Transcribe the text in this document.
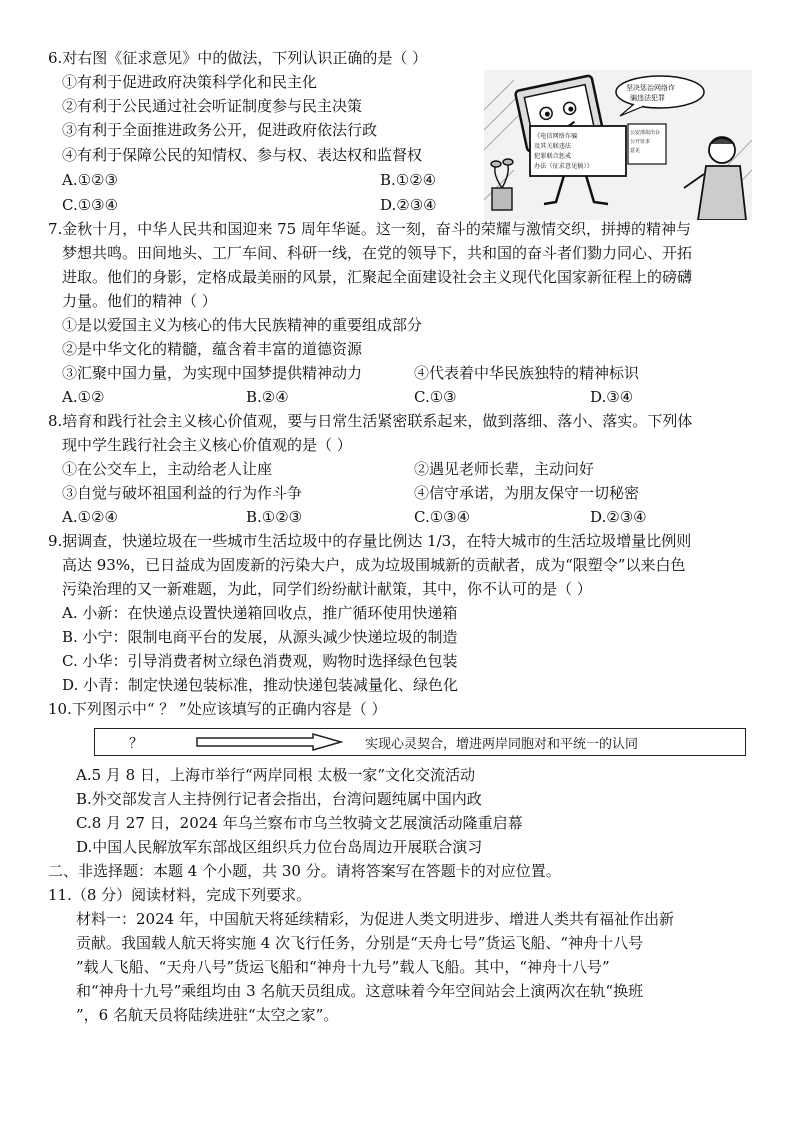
6.对右图《征求意见》中的做法，下列认识正确的是（ ）
①有利于促进政府决策科学化和民主化
②有利于公民通过社会听证制度参与民主决策
③有利于全面推进政务公开，促进政府依法行政
④有利于保障公民的知情权、参与权、表达权和监督权
A.①②③	B.①②④
C.①③④	D.②③④
《电信网络诈骗
及其关联违法
犯罪联合惩戒
办法（征求意见稿）》
公安部拟出台
公开征求
意见
坚决惩治网络诈
骗违法犯罪
7.金秋十月，中华人民共和国迎来 75 周年华诞。这一刻，奋斗的荣耀与激情交织，拼搏的精神与
梦想共鸣。田间地头、工厂车间、科研一线，在党的领导下，共和国的奋斗者们勠力同心、开拓
进取。他们的身影，定格成最美丽的风景，汇聚起全面建设社会主义现代化国家新征程上的磅礴
力量。他们的精神（ ）
①是以爱国主义为核心的伟大民族精神的重要组成部分
②是中华文化的精髓，蕴含着丰富的道德资源
③汇聚中国力量，为实现中国梦提供精神动力	④代表着中华民族独特的精神标识
A.①②	B.②④	C.①③	D.③④
8.培育和践行社会主义核心价值观，要与日常生活紧密联系起来，做到落细、落小、落实。下列体
现中学生践行社会主义核心价值观的是（ ）
①在公交车上，主动给老人让座	②遇见老师长辈，主动问好
③自觉与破坏祖国利益的行为作斗争	④信守承诺，为朋友保守一切秘密
A.①②④	B.①②③	C.①③④	D.②③④
9.据调查，快递垃圾在一些城市生活垃圾中的存量比例达 1/3，在特大城市的生活垃圾增量比例则
高达 93%，已日益成为固废新的污染大户，成为垃圾围城新的贡献者，成为“限塑令”以来白色
污染治理的又一新难题，为此，同学们纷纷献计献策，其中，你不认可的是（ ）
A. 小新：在快递点设置快递箱回收点，推广循环使用快递箱
B. 小宁：限制电商平台的发展，从源头减少快递垃圾的制造
C. 小华：引导消费者树立绿色消费观，购物时选择绿色包装
D. 小青：制定快递包装标准，推动快递包装减量化、绿色化
10.下列图示中“ ？ ”处应该填写的正确内容是（ ）
？	实现心灵契合，增进两岸同胞对和平统一的认同
A.5 月 8 日，上海市举行“两岸同根 太极一家”文化交流活动
B.外交部发言人主持例行记者会指出，台湾问题纯属中国内政
C.8 月 27 日，2024 年乌兰察布市乌兰牧骑文艺展演活动隆重启幕
D.中国人民解放军东部战区组织兵力位台岛周边开展联合演习
二、非选择题：本题 4 个小题，共 30 分。请将答案写在答题卡的对应位置。
11.（8 分）阅读材料，完成下列要求。
材料一：2024 年，中国航天将延续精彩，为促进人类文明进步、增进人类共有福祉作出新
贡献。我国载人航天将实施 4 次飞行任务，分别是“天舟七号”货运飞船、“神舟十八号
”载人飞船、“天舟八号”货运飞船和“神舟十九号”载人飞船。其中，“神舟十八号”
和“神舟十九号”乘组均由 3 名航天员组成。这意味着今年空间站会上演两次在轨“换班
”，6 名航天员将陆续进驻“太空之家”。
